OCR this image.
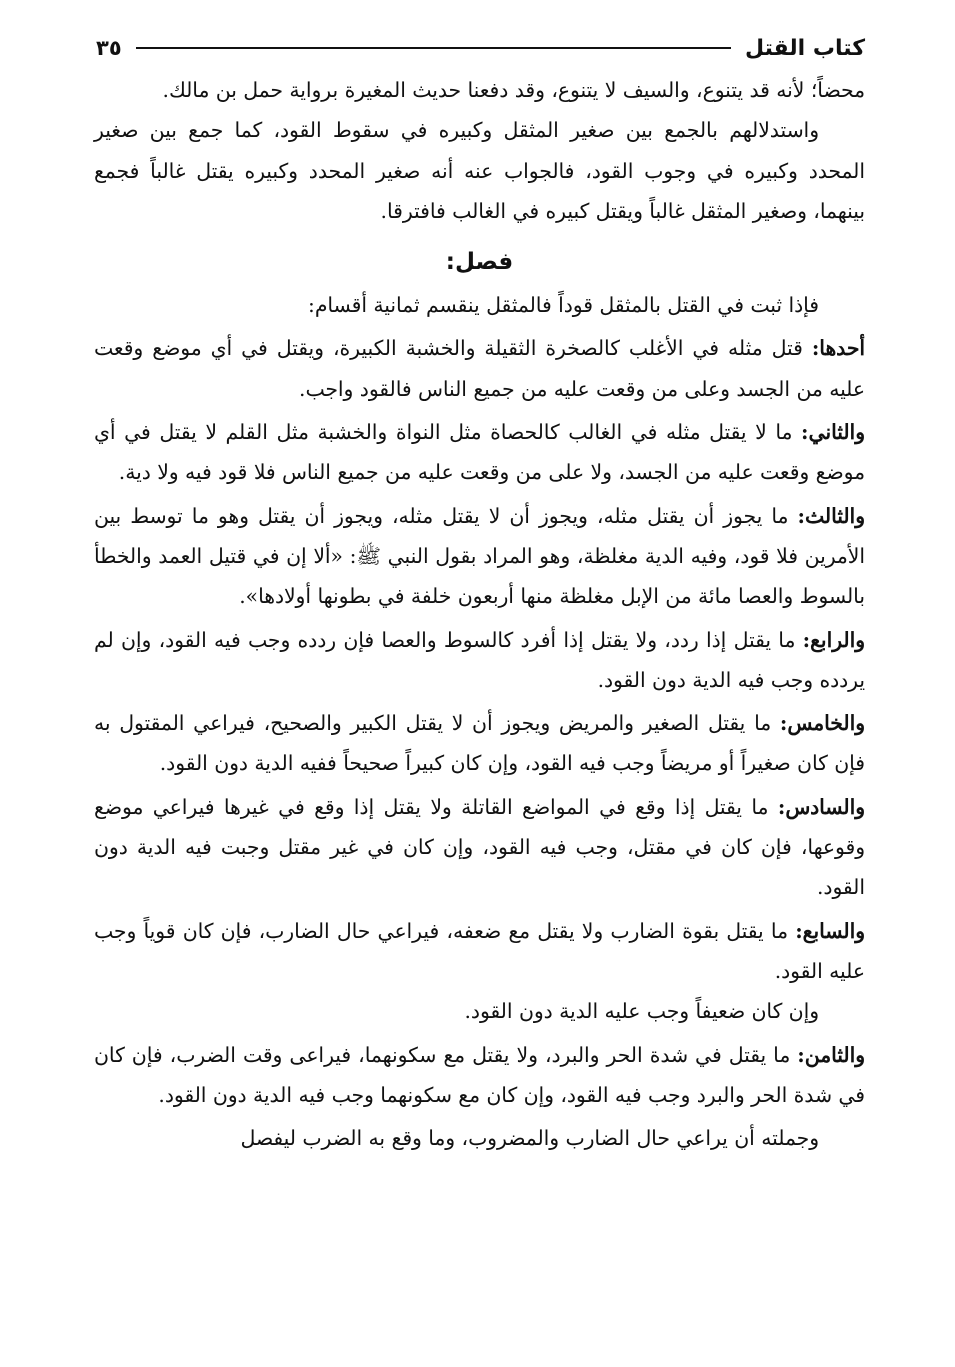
كتاب القتل
٣٥

محضاً؛ لأنه قد يتنوع، والسيف لا يتنوع، وقد دفعنا حديث المغيرة برواية حمل بن مالك.

واستدلالهم بالجمع بين صغير المثقل وكبيره في سقوط القود، كما جمع بين صغير المحدد وكبيره في وجوب القود، فالجواب عنه أنه صغير المحدد وكبيره يقتل غالباً فجمع بينهما، وصغير المثقل غالباً ويقتل كبيره في الغالب فافترقا.

فصل:

فإذا ثبت في القتل بالمثقل قوداً فالمثقل ينقسم ثمانية أقسام:

أحدها: قتل مثله في الأغلب كالصخرة الثقيلة والخشبة الكبيرة، ويقتل في أي موضع وقعت عليه من الجسد وعلى من وقعت عليه من جميع الناس فالقود واجب.

والثاني: ما لا يقتل مثله في الغالب كالحصاة مثل النواة والخشبة مثل القلم لا يقتل في أي موضع وقعت عليه من الجسد، ولا على من وقعت عليه من جميع الناس فلا قود فيه ولا دية.

والثالث: ما يجوز أن يقتل مثله، ويجوز أن لا يقتل مثله، ويجوز أن يقتل وهو ما توسط بين الأمرين فلا قود، وفيه الدية مغلظة، وهو المراد بقول النبي ﷺ: «ألا إن في قتيل العمد والخطأ بالسوط والعصا مائة من الإبل مغلظة منها أربعون خلفة في بطونها أولادها».

والرابع: ما يقتل إذا ردد، ولا يقتل إذا أفرد كالسوط والعصا فإن ردده وجب فيه القود، وإن لم يردده وجب فيه الدية دون القود.

والخامس: ما يقتل الصغير والمريض ويجوز أن لا يقتل الكبير والصحيح، فيراعي المقتول به فإن كان صغيراً أو مريضاً وجب فيه القود، وإن كان كبيراً صحيحاً ففيه الدية دون القود.

والسادس: ما يقتل إذا وقع في المواضع القاتلة ولا يقتل إذا وقع في غيرها فيراعي موضع وقوعها، فإن كان في مقتل، وجب فيه القود، وإن كان في غير مقتل وجبت فيه الدية دون القود.

والسابع: ما يقتل بقوة الضارب ولا يقتل مع ضعفه، فيراعي حال الضارب، فإن كان قوياً وجب عليه القود.

وإن كان ضعيفاً وجب عليه الدية دون القود.

والثامن: ما يقتل في شدة الحر والبرد، ولا يقتل مع سكونهما، فيراعى وقت الضرب، فإن كان في شدة الحر والبرد وجب فيه القود، وإن كان مع سكونهما وجب فيه الدية دون القود.

وجملته أن يراعي حال الضارب والمضروب، وما وقع به الضرب ليفصل
